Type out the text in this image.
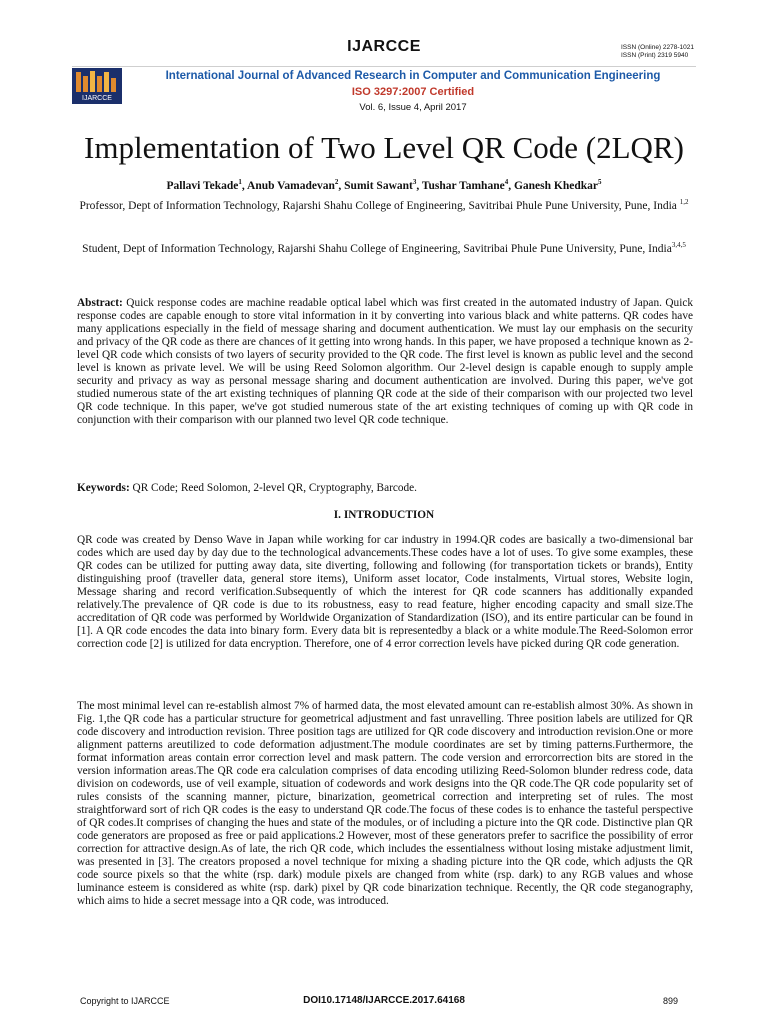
IJARCCE	ISSN (Online) 2278-1021
ISSN (Print) 2319 5940
IJARCCE
International Journal of Advanced Research in Computer and Communication Engineering
ISO 3297:2007 Certified
Vol. 6, Issue 4, April 2017
Implementation of Two Level QR Code (2LQR)
Pallavi Tekade$^1$, Anub Vamadevan$^2$, Sumit Sawant$^3$, Tushar Tamhane$^4$, Ganesh Khedkar$^5$
Professor, Dept of Information Technology, Rajarshi Shahu College of Engineering, Savitribai Phule Pune University, Pune, India $^{1,2}$
Student, Dept of Information Technology, Rajarshi Shahu College of Engineering, Savitribai Phule Pune University, Pune, India$^{3,4,5}$
Abstract: Quick response codes are machine readable optical label which was first created in the automated industry of Japan. Quick response codes are capable enough to store vital information in it by converting into various black and white patterns. QR codes have many applications especially in the field of message sharing and document authentication. We must lay our emphasis on the security and privacy of the QR code as there are chances of it getting into wrong hands. In this paper, we have proposed a technique known as 2-level QR code which consists of two layers of security provided to the QR code. The first level is known as public level and the second level is known as private level. We will be using Reed Solomon algorithm. Our 2-level design is capable enough to supply ample security and privacy as way as personal message sharing and document authentication are involved. During this paper, we've got studied numerous state of the art existing techniques of planning QR code at the side of their comparison with our projected two level QR code technique. In this paper, we've got studied numerous state of the art existing techniques of coming up with QR code in conjunction with their comparison with our planned two level QR code technique.
Keywords: QR Code; Reed Solomon, 2-level QR, Cryptography, Barcode.
I. INTRODUCTION
QR code was created by Denso Wave in Japan while working for car industry in 1994.QR codes are basically a two-dimensional bar codes which are used day by day due to the technological advancements.These codes have a lot of uses. To give some examples, these QR codes can be utilized for putting away data, site diverting, following and following (for transportation tickets or brands), Entity distinguishing proof (traveller data, general store items), Uniform asset locator, Code instalments, Virtual stores, Website login, Message sharing and record verification.Subsequently of which the interest for QR code scanners has additionally expanded relatively.The prevalence of QR code is due to its robustness, easy to read feature, higher encoding capacity and small size.The accreditation of QR code was performed by Worldwide Organization of Standardization (ISO), and its entire particular can be found in [1]. A QR code encodes the data into binary form. Every data bit is representedby a black or a white module.The Reed-Solomon error correction code [2] is utilized for data encryption. Therefore, one of 4 error correction levels have picked during QR code generation.
The most minimal level can re-establish almost 7% of harmed data, the most elevated amount can re-establish almost 30%. As shown in Fig. 1,the QR code has a particular structure for geometrical adjustment and fast unravelling. Three position labels are utilized for QR code discovery and introduction revision. Three position tags are utilized for QR code discovery and introduction revision.One or more alignment patterns areutilized to code deformation adjustment.The module coordinates are set by timing patterns.Furthermore, the format information areas contain error correction level and mask pattern. The code version and errorcorrection bits are stored in the version information areas.The QR code era calculation comprises of data encoding utilizing Reed-Solomon blunder redress code, data division on codewords, use of veil example, situation of codewords and work designs into the QR code.The QR code popularity set of rules consists of the scanning manner, picture, binarization, geometrical correction and interpreting set of rules. The most straightforward sort of rich QR codes is the easy to understand QR code.The focus of these codes is to enhance the tasteful perspective of QR codes.It comprises of changing the hues and state of the modules, or of including a picture into the QR code. Distinctive plan QR code generators are proposed as free or paid applications.2 However, most of these generators prefer to sacrifice the possibility of error correction for attractive design.As of late, the rich QR code, which includes the essentialness without losing mistake adjustment limit, was presented in [3]. The creators proposed a novel technique for mixing a shading picture into the QR code, which adjusts the QR code source pixels so that the white (rsp. dark) module pixels are changed from white (rsp. dark) to any RGB values and whose luminance esteem is considered as white (rsp. dark) pixel by QR code binarization technique. Recently, the QR code steganography, which aims to hide a secret message into a QR code, was introduced.
Copyright to IJARCCE	DOI10.17148/IJARCCE.2017.64168	899
